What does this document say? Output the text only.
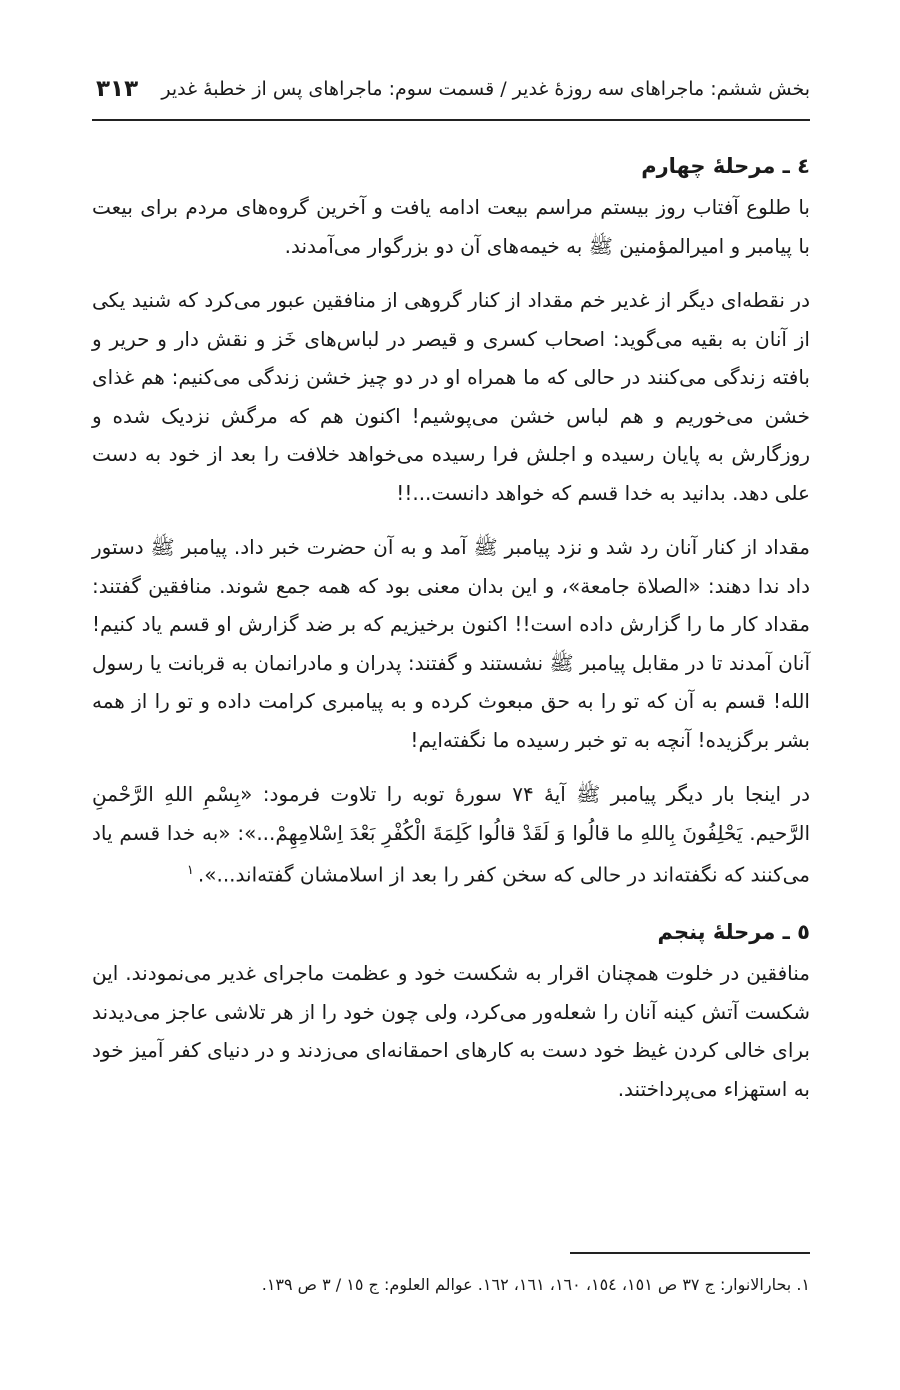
بخش ششم: ماجراهای سه روزۀ غدیر / قسمت سوم: ماجراهای پس از خطبۀ غدیر
۳۱۳
٤ ـ مرحلۀ چهارم

با طلوع آفتاب روز بیستم مراسم بیعت ادامه یافت و آخرین گروه‌های مردم برای بیعت با پیامبر و امیرالمؤمنین ﷺ به خیمه‌های آن دو بزرگوار می‌آمدند.

در نقطه‌ای دیگر از غدیر خم مقداد از کنار گروهی از منافقین عبور می‌کرد که شنید یکی از آنان به بقیه می‌گوید: اصحاب کسری و قیصر در لباس‌های خَز و نقش دار و حریر و بافته زندگی می‌کنند در حالی که ما همراه او در دو چیز خشن زندگی می‌کنیم: هم غذای خشن می‌خوریم و هم لباس خشن می‌پوشیم! اکنون هم که مرگش نزدیک شده و روزگارش به پایان رسیده و اجلش فرا رسیده می‌خواهد خلافت را بعد از خود به دست علی دهد. بدانید به خدا قسم که خواهد دانست...!!

مقداد از کنار آنان رد شد و نزد پیامبر ﷺ آمد و به آن حضرت خبر داد. پیامبر ﷺ دستور داد ندا دهند: «الصلاة جامعة»، و این بدان معنی بود که همه جمع شوند. منافقین گفتند: مقداد کار ما را گزارش داده است!! اکنون برخیزیم که بر ضد گزارش او قسم یاد کنیم! آنان آمدند تا در مقابل پیامبر ﷺ نشستند و گفتند: پدران و مادرانمان به قربانت یا رسول الله! قسم به آن که تو را به حق مبعوث کرده و به پیامبری کرامت داده و تو را از همه بشر برگزیده! آنچه به تو خبر رسیده ما نگفته‌ایم!

در اینجا بار دیگر پیامبر ﷺ آیۀ ۷۴ سورۀ توبه را تلاوت فرمود: «بِسْمِ اللهِ الرَّحْمنِ الرَّحیم. یَحْلِفُونَ بِاللهِ ما قالُوا وَ لَقَدْ قالُوا کَلِمَةَ الْکُفْرِ بَعْدَ اِسْلامِهِمْ...»: «به خدا قسم یاد می‌کنند که نگفته‌اند در حالی که سخن کفر را بعد از اسلامشان گفته‌اند...».$^١$

٥ ـ مرحلۀ پنجم

منافقین در خلوت همچنان اقرار به شکست خود و عظمت ماجرای غدیر می‌نمودند. این شکست آتش کینه آنان را شعله‌ور می‌کرد، ولی چون خود را از هر تلاشی عاجز می‌دیدند برای خالی کردن غیظ خود دست به کارهای احمقانه‌ای می‌زدند و در دنیای کفر آمیز خود به استهزاء می‌پرداختند.

١. بحارالانوار: ج ٣٧ ص ١٥١، ١٥٤، ١٦٠، ١٦١، ١٦٢. عوالم العلوم: ج ١٥ / ٣ ص ١٣٩.
